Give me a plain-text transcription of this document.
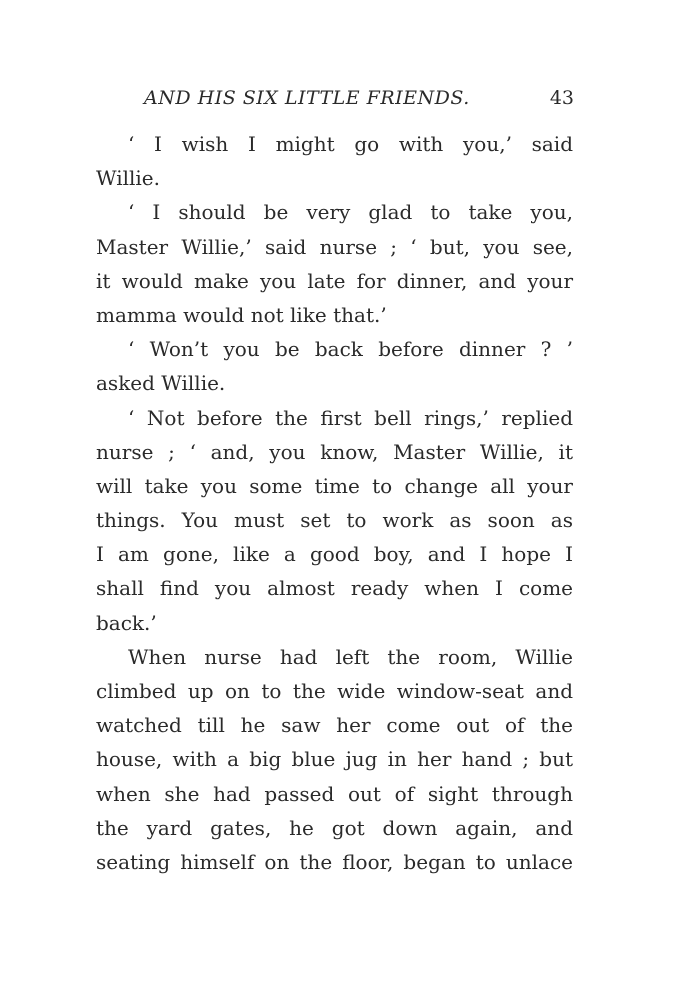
AND HIS SIX LITTLE FRIENDS.	43
‘ I wish I might go with you,’ said
Willie.
‘ I should be very glad to take you,
Master Willie,’ said nurse ; ‘ but, you see,
it would make you late for dinner, and your
mamma would not like that.’
‘ Won’t you be back before dinner ? ’
asked Willie.
‘ Not before the first bell rings,’ replied
nurse ; ‘ and, you know, Master Willie, it
will take you some time to change all your
things. You must set to work as soon as
I am gone, like a good boy, and I hope I
shall find you almost ready when I come
back.’
When nurse had left the room, Willie
climbed up on to the wide window-seat and
watched till he saw her come out of the
house, with a big blue jug in her hand ; but
when she had passed out of sight through
the yard gates, he got down again, and
seating himself on the floor, began to unlace
